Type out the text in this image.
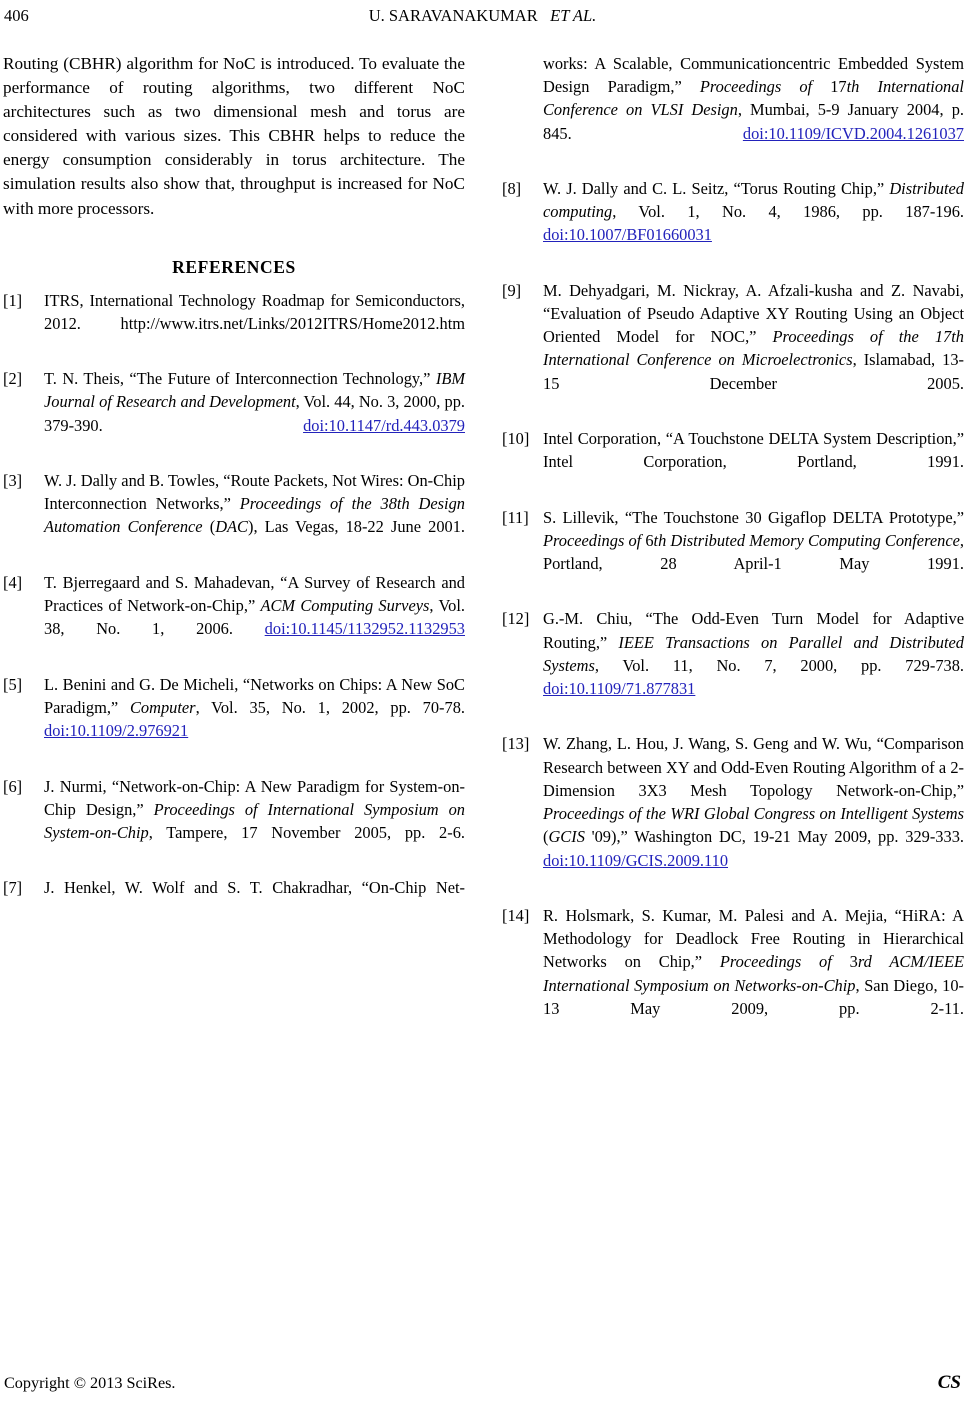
406	U. SARAVANAKUMAR ET AL.

Routing (CBHR) algorithm for NoC is introduced. To evaluate the performance of routing algorithms, two different NoC architectures such as two dimensional mesh and torus are considered with various sizes. This CBHR helps to reduce the energy consumption considerably in torus architecture. The simulation results also show that, throughput is increased for NoC with more processors.

REFERENCES
[1] ITRS, International Technology Roadmap for Semiconductors, 2012. http://www.itrs.net/Links/2012ITRS/Home2012.htm
[2] T. N. Theis, “The Future of Interconnection Technology,” IBM Journal of Research and Development, Vol. 44, No. 3, 2000, pp. 379-390. doi:10.1147/rd.443.0379
[3] W. J. Dally and B. Towles, “Route Packets, Not Wires: On-Chip Interconnection Networks,” Proceedings of the 38th Design Automation Conference (DAC), Las Vegas, 18-22 June 2001.
[4] T. Bjerregaard and S. Mahadevan, “A Survey of Research and Practices of Network-on-Chip,” ACM Computing Surveys, Vol. 38, No. 1, 2006. doi:10.1145/1132952.1132953
[5] L. Benini and G. De Micheli, “Networks on Chips: A New SoC Paradigm,” Computer, Vol. 35, No. 1, 2002, pp. 70-78. doi:10.1109/2.976921
[6] J. Nurmi, “Network-on-Chip: A New Paradigm for System-on-Chip Design,” Proceedings of International Symposium on System-on-Chip, Tampere, 17 November 2005, pp. 2-6.
[7] J. Henkel, W. Wolf and S. T. Chakradhar, “On-Chip Net-
works: A Scalable, Communicationcentric Embedded System Design Paradigm,” Proceedings of 17th International Conference on VLSI Design, Mumbai, 5-9 January 2004, p. 845. doi:10.1109/ICVD.2004.1261037
[8] W. J. Dally and C. L. Seitz, “Torus Routing Chip,” Distributed computing, Vol. 1, No. 4, 1986, pp. 187-196. doi:10.1007/BF01660031
[9] M. Dehyadgari, M. Nickray, A. Afzali-kusha and Z. Navabi, “Evaluation of Pseudo Adaptive XY Routing Using an Object Oriented Model for NOC,” Proceedings of the 17th International Conference on Microelectronics, Islamabad, 13-15 December 2005.
[10] Intel Corporation, “A Touchstone DELTA System Description,” Intel Corporation, Portland, 1991.
[11] S. Lillevik, “The Touchstone 30 Gigaflop DELTA Prototype,” Proceedings of 6th Distributed Memory Computing Conference, Portland, 28 April-1 May 1991.
[12] G.-M. Chiu, “The Odd-Even Turn Model for Adaptive Routing,” IEEE Transactions on Parallel and Distributed Systems, Vol. 11, No. 7, 2000, pp. 729-738. doi:10.1109/71.877831
[13] W. Zhang, L. Hou, J. Wang, S. Geng and W. Wu, “Comparison Research between XY and Odd-Even Routing Algorithm of a 2-Dimension 3X3 Mesh Topology Network-on-Chip,” Proceedings of the WRI Global Congress on Intelligent Systems (GCIS '09),” Washington DC, 19-21 May 2009, pp. 329-333. doi:10.1109/GCIS.2009.110
[14] R. Holsmark, S. Kumar, M. Palesi and A. Mejia, “HiRA: A Methodology for Deadlock Free Routing in Hierarchical Networks on Chip,” Proceedings of 3rd ACM/IEEE International Symposium on Networks-on-Chip, San Diego, 10-13 May 2009, pp. 2-11.
Copyright © 2013 SciRes.	CS
